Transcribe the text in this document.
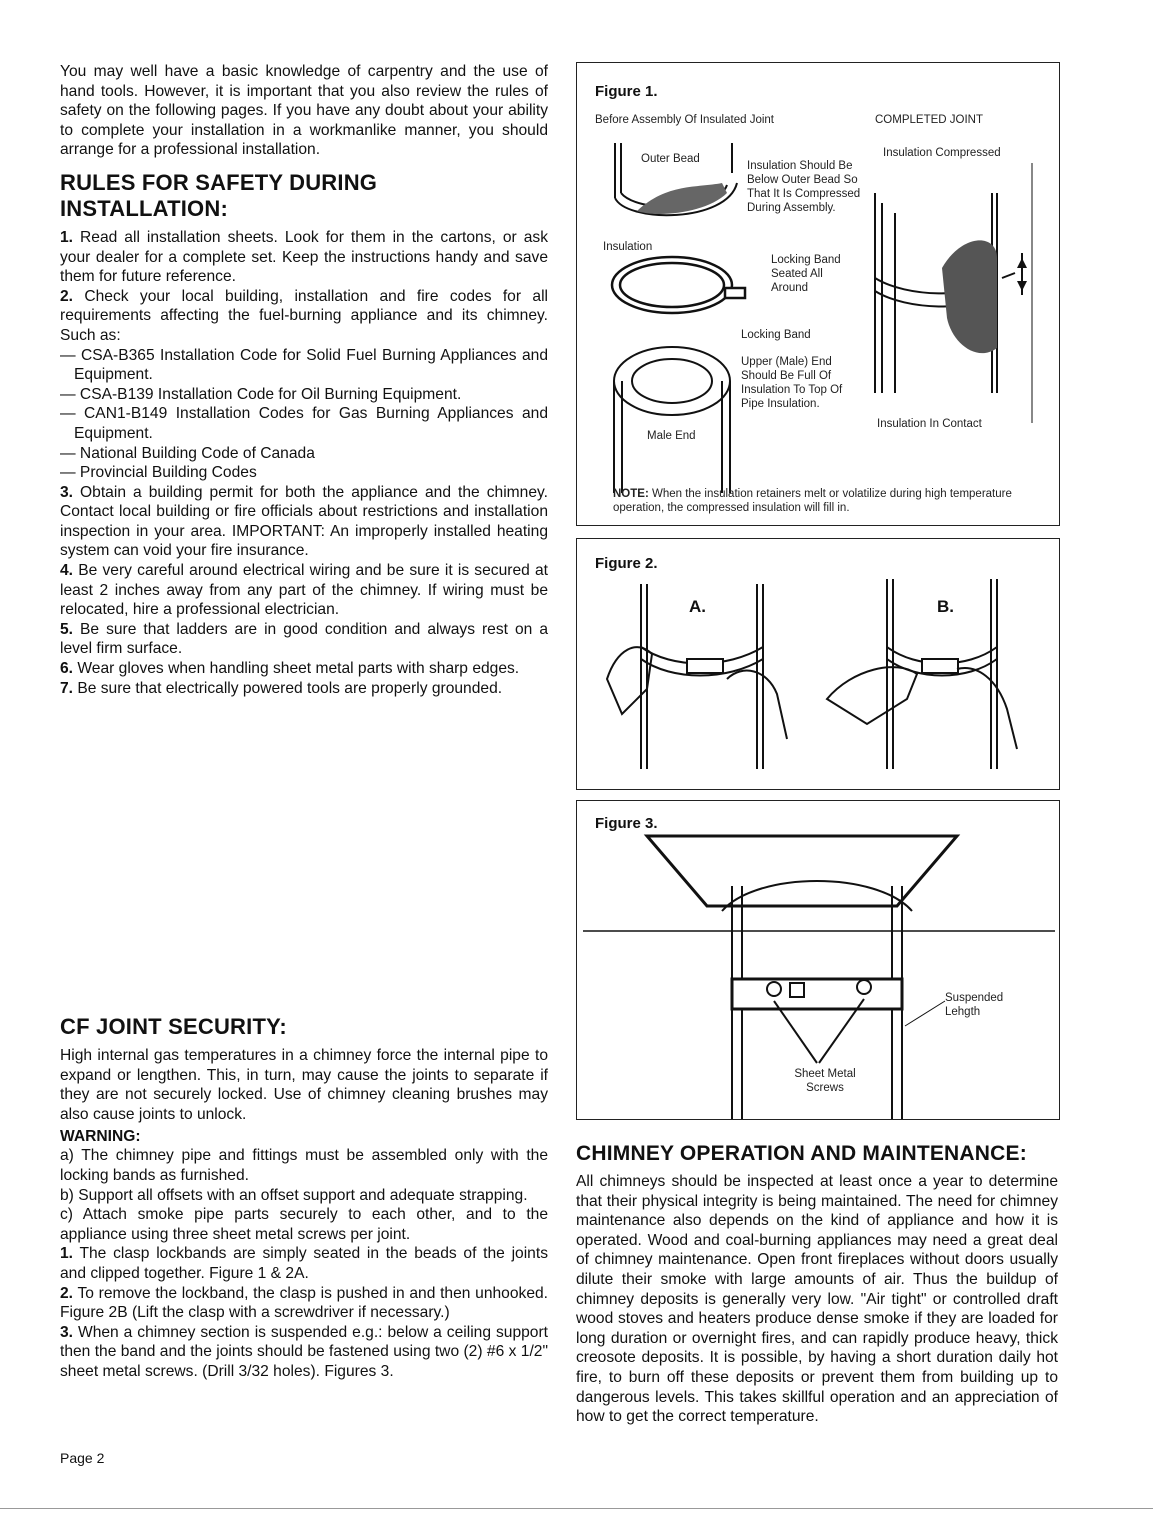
You may well have a basic knowledge of carpentry and the use of hand tools. However, it is important that you also review the rules of safety on the following pages. If you have any doubt about your ability to complete your installation in a workmanlike manner, you should arrange for a professional installation.

RULES FOR SAFETY DURING INSTALLATION:
1. Read all installation sheets. Look for them in the cartons, or ask your dealer for a complete set. Keep the instructions handy and save them for future reference.
2. Check your local building, installation and fire codes for all requirements affecting the fuel-burning appliance and its chimney. Such as:
— CSA-B365 Installation Code for Solid Fuel Burning Appliances and Equipment.
— CSA-B139 Installation Code for Oil Burning Equipment.
— CAN1-B149 Installation Codes for Gas Burning Appliances and Equipment.
— National Building Code of Canada
— Provincial Building Codes
3. Obtain a building permit for both the appliance and the chimney. Contact local building or fire officials about restrictions and installation inspection in your area. IMPORTANT: An improperly installed heating system can void your fire insurance.
4. Be very careful around electrical wiring and be sure it is secured at least 2 inches away from any part of the chimney. If wiring must be relocated, hire a professional electrician.
5. Be sure that ladders are in good condition and always rest on a level firm surface.
6. Wear gloves when handling sheet metal parts with sharp edges.
7. Be sure that electrically powered tools are properly grounded.
CF JOINT SECURITY:

High internal gas temperatures in a chimney force the internal pipe to expand or lengthen. This, in turn, may cause the joints to separate if they are not securely locked. Use of chimney cleaning brushes may also cause joints to unlock.

WARNING:
a) The chimney pipe and fittings must be assembled only with the locking bands as furnished.
b) Support all offsets with an offset support and adequate strapping.
c) Attach smoke pipe parts securely to each other, and to the appliance using three sheet metal screws per joint.
1. The clasp lockbands are simply seated in the beads of the joints and clipped together. Figure 1 & 2A.
2. To remove the lockband, the clasp is pushed in and then unhooked. Figure 2B (Lift the clasp with a screwdriver if necessary.)
3. When a chimney section is suspended e.g.: below a ceiling support then the band and the joints should be fastened using two (2) #6 x 1/2" sheet metal screws. (Drill 3/32 holes). Figures 3.
Page 2
Figure 1.
Before Assembly Of Insulated Joint	COMPLETED JOINT
Outer Bead	Insulation Compressed
Insulation Should Be Below Outer Bead So That It Is Compressed During Assembly.
Insulation
Locking Band Seated All Around
Locking Band
Upper (Male) End Should Be Full Of Insulation To Top Of Pipe Insulation.
Male End
Insulation In Contact
NOTE: When the insulation retainers melt or volatilize during high temperature operation, the compressed insulation will fill in.
Figure 2.
A.	B.
Figure 3.
Suspended Lehgth
Sheet Metal Screws
CHIMNEY OPERATION AND MAINTENANCE:

All chimneys should be inspected at least once a year to determine that their physical integrity is being maintained. The need for chimney maintenance also depends on the kind of appliance and how it is operated. Wood and coal-burning appliances may need a great deal of chimney maintenance. Open front fireplaces without doors usually dilute their smoke with large amounts of air. Thus the buildup of chimney deposits is generally very low. "Air tight" or controlled draft wood stoves and heaters produce dense smoke if they are loaded for long duration or overnight fires, and can rapidly produce heavy, thick creosote deposits. It is possible, by having a short duration daily hot fire, to burn off these deposits or prevent them from building up to dangerous levels. This takes skillful operation and an appreciation of how to get the correct temperature.
